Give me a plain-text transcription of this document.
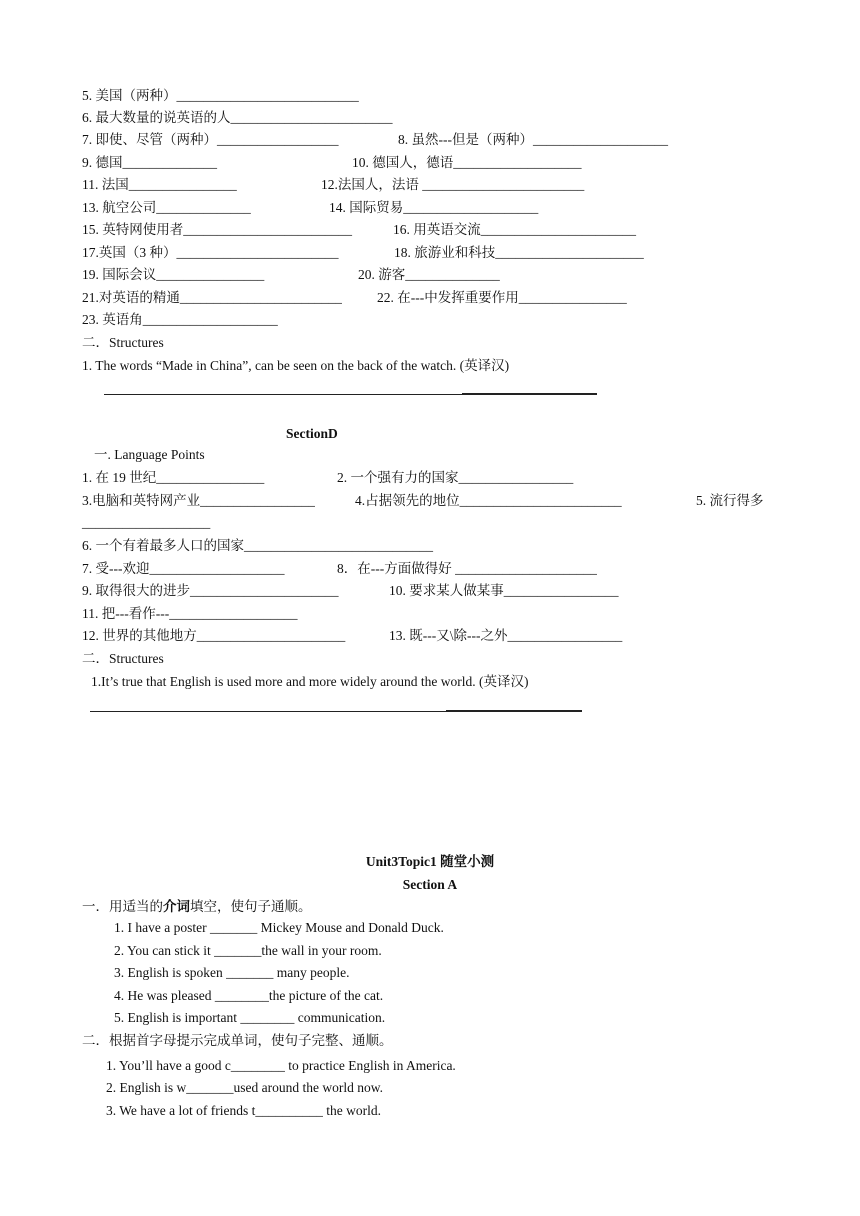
5. 美国（两种）___________________________
6. 最大数量的说英语的人________________________
7. 即使、尽管（两种）__________________	8. 虽然---但是（两种）____________________
9. 德国______________	10. 德国人，德语___________________
11. 法国________________	12.法国人，法语 ________________________
13. 航空公司______________	14. 国际贸易____________________
15. 英特网使用者_________________________	16. 用英语交流_______________________
17.英国（3 种）________________________	18. 旅游业和科技______________________
19. 国际会议________________	20. 游客______________
21.对英语的精通________________________	22. 在---中发挥重要作用________________
23. 英语角____________________
二．Structures
1. The words “Made in China”, can be seen on the back of the watch. (英译汉)
SectionD
一. Language Points
1. 在 19 世纪________________	2. 一个强有力的国家_________________
3.电脑和英特网产业_________________	4.占据领先的地位________________________	5. 流行得多
___________________
6. 一个有着最多人口的国家____________________________
7. 受---欢迎____________________	8．在---方面做得好 _____________________
9. 取得很大的进步______________________	10. 要求某人做某事_________________
11. 把---看作---___________________
12. 世界的其他地方______________________	13. 既---又\除---之外_________________
二．Structures
1.It’s true that English is used more and more widely around the world. (英译汉)
Unit3Topic1 随堂小测
Section A
一．用适当的介词填空，使句子通顺。
1. I have a poster _______ Mickey Mouse and Donald Duck.
2. You can stick it _______the wall in your room.
3. English is spoken _______ many people.
4. He was pleased ________the picture of the cat.
5. English is important ________ communication.
二．根据首字母提示完成单词，使句子完整、通顺。
1. You’ll have a good c________ to practice English in America.
2. English is w_______used around the world now.
3. We have a lot of friends t__________ the world.
